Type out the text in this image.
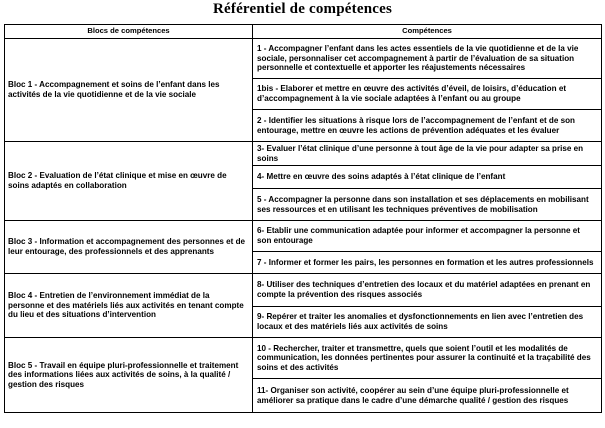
Référentiel de compétences
Blocs de compétences	Compétences
Bloc 1 - Accompagnement et soins de l’enfant dans les activités de la vie quotidienne et de la vie sociale	1 - Accompagner l’enfant dans les actes essentiels de la vie quotidienne et de la vie sociale, personnaliser cet accompagnement à partir de l’évaluation de sa situation personnelle et contextuelle et apporter les réajustements nécessaires
	1bis - Elaborer et mettre en œuvre des activités d’éveil, de loisirs, d’éducation et d’accompagnement à la vie sociale adaptées à l’enfant ou au groupe
	2 - Identifier les situations à risque lors de l’accompagnement de l’enfant et de son entourage, mettre en œuvre les actions de prévention adéquates et les évaluer
Bloc 2 - Evaluation de l’état clinique et mise en œuvre de soins adaptés en collaboration	3- Evaluer l’état clinique d’une personne à tout âge de la vie pour adapter sa prise en soins
	4- Mettre en œuvre des soins adaptés à l’état clinique de l’enfant
	5 - Accompagner la personne dans son installation et ses déplacements en mobilisant ses ressources et en utilisant les techniques préventives de mobilisation
Bloc 3 - Information et accompagnement des personnes et de leur entourage, des professionnels et des apprenants	6- Etablir une communication adaptée pour informer et accompagner la personne et son entourage
	7 - Informer et former les pairs, les personnes en formation et les autres professionnels
Bloc 4 - Entretien de l’environnement immédiat de la personne et des matériels liés aux activités en tenant compte du lieu et des situations d’intervention	8- Utiliser des techniques d’entretien des locaux et du matériel adaptées en prenant en compte la prévention des risques associés
	9- Repérer et traiter les anomalies et dysfonctionnements en lien avec l’entretien des locaux et des matériels liés aux activités de soins
Bloc 5 - Travail en équipe pluri-professionnelle et traitement des informations liées aux activités de soins, à la qualité / gestion des risques	10 - Rechercher, traiter et transmettre, quels que soient l’outil et les modalités de communication, les données pertinentes pour assurer la continuité et la traçabilité des soins et des activités
	11- Organiser son activité, coopérer au sein d’une équipe pluri-professionnelle et améliorer sa pratique dans le cadre d’une démarche qualité / gestion des risques
